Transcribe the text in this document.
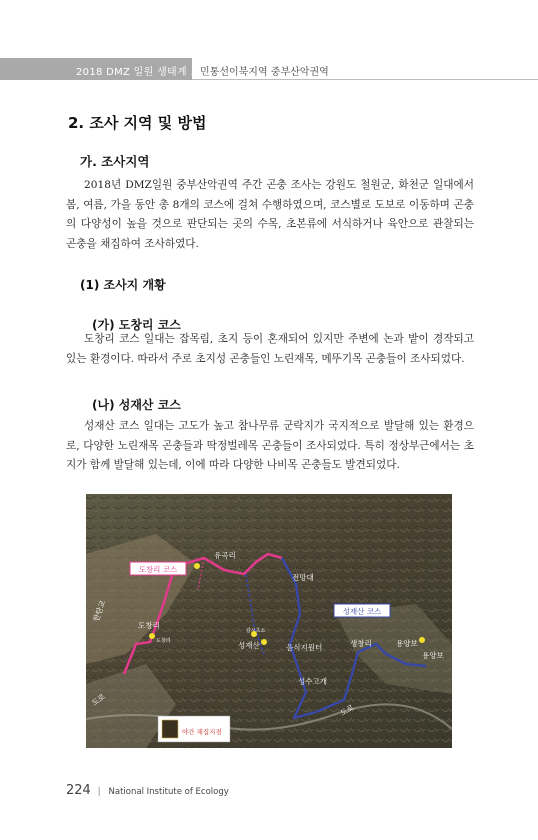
2018 DMZ 일원 생태계 조사
민통선이북지역 중부산악권역
2. 조사 지역 및 방법
가. 조사지역
2018년 DMZ일원 중부산악권역 주간 곤충 조사는 강원도 철원군, 화천군 일대에서 봄, 여름, 가을 동안 총 8개의 코스에 걸쳐 수행하였으며, 코스별로 도보로 이동하며 곤충의 다양성이 높을 것으로 판단되는 곳의 수목, 초본류에 서식하거나 육안으로 관찰되는 곤충을 채집하여 조사하였다.
(1) 조사지 개황
(가) 도창리 코스
도창리 코스 일대는 잡목림, 초지 등이 혼재되어 있지만 주변에 논과 밭이 경작되고 있는 환경이다. 따라서 주로 초지성 곤충들인 노린재목, 메뚜기목 곤충들이 조사되었다.
(나) 성재산 코스
성재산 코스 일대는 고도가 높고 참나무류 군락지가 국지적으로 발달해 있는 환경으로, 다양한 노린재목 곤충들과 딱정벌레목 곤충들이 조사되었다. 특히 정상부근에서는 초지가 함께 발달해 있는데, 이에 따라 다양한 나비목 곤충들도 발견되었다.
도창리 코스
성재산 코스
유곡리
전망대
한탄교
도창리
도창리
감시초소
성재산	음식지원터	생창리	용양보
용양보
성수고개
도로
도로
야간 채집지점
224 | National Institute of Ecology
